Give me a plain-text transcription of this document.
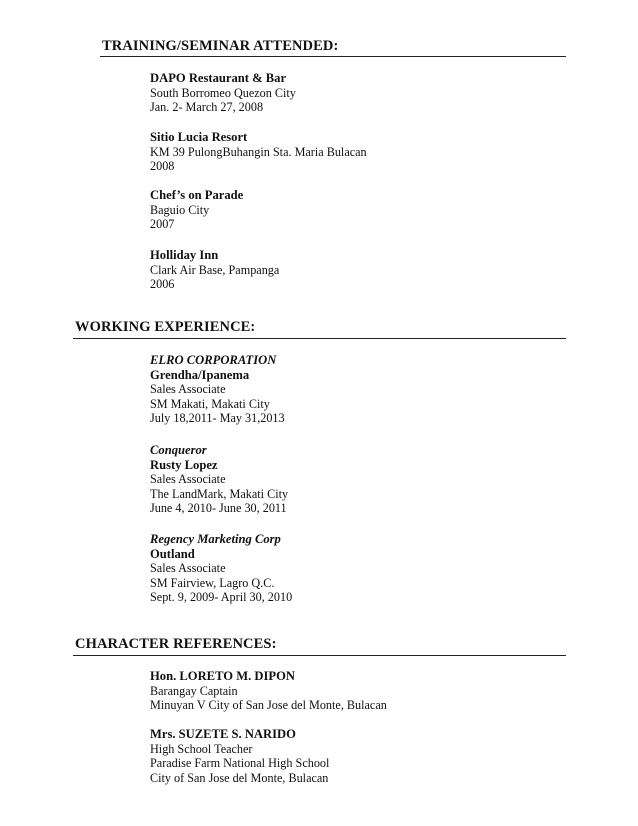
TRAINING/SEMINAR ATTENDED:
DAPO Restaurant & Bar
South Borromeo Quezon City
Jan. 2- March 27, 2008
Sitio Lucia Resort
KM 39 PulongBuhangin Sta. Maria Bulacan
2008
Chef’s on Parade
Baguio City
2007
Holliday Inn
Clark Air Base, Pampanga
2006
WORKING EXPERIENCE:
ELRO CORPORATION
Grendha/Ipanema
Sales Associate
SM Makati, Makati City
July 18,2011- May 31,2013
Conqueror
Rusty Lopez
Sales Associate
The LandMark, Makati City
June 4, 2010- June 30, 2011
Regency Marketing Corp
Outland
Sales Associate
SM Fairview, Lagro Q.C.
Sept. 9, 2009- April 30, 2010
CHARACTER REFERENCES:
Hon. LORETO M. DIPON
Barangay Captain
Minuyan V City of San Jose del Monte, Bulacan
Mrs. SUZETE S. NARIDO
High School Teacher
Paradise Farm National High School
City of San Jose del Monte, Bulacan
